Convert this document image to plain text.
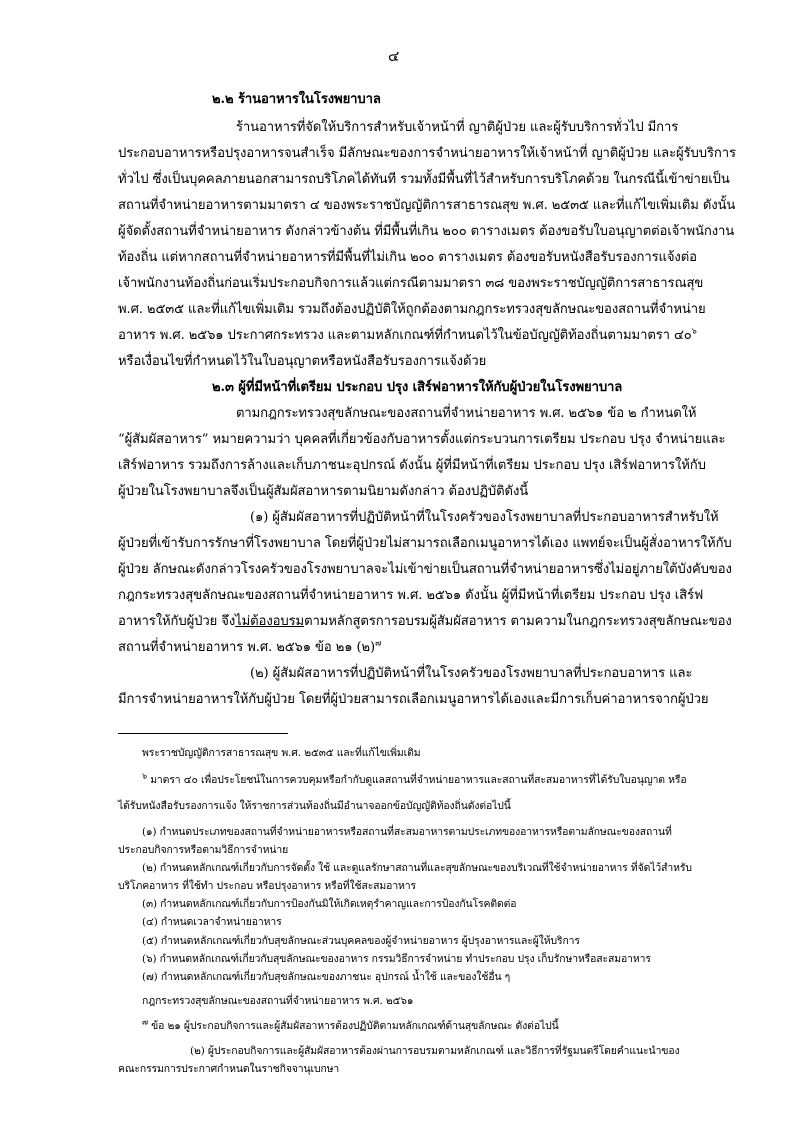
๔

๒.๒ ร้านอาหารในโรงพยาบาล

ร้านอาหารที่จัดให้บริการสำหรับเจ้าหน้าที่ ญาติผู้ป่วย และผู้รับบริการทั่วไป มีการ

ประกอบอาหารหรือปรุงอาหารจนสำเร็จ มีลักษณะของการจำหน่ายอาหารให้เจ้าหน้าที่ ญาติผู้ป่วย และผู้รับบริการ

ทั่วไป ซึ่งเป็นบุคคลภายนอกสามารถบริโภคได้ทันที รวมทั้งมีพื้นที่ไว้สำหรับการบริโภคด้วย ในกรณีนี้เข้าข่ายเป็น

สถานที่จำหน่ายอาหารตามมาตรา ๔ ของพระราชบัญญัติการสาธารณสุข พ.ศ. ๒๕๓๕ และที่แก้ไขเพิ่มเติม ดังนั้น

ผู้จัดตั้งสถานที่จำหน่ายอาหาร ดังกล่าวข้างต้น ที่มีพื้นที่เกิน ๒๐๐ ตารางเมตร ต้องขอรับใบอนุญาตต่อเจ้าพนักงาน

ท้องถิ่น แต่หากสถานที่จำหน่ายอาหารที่มีพื้นที่ไม่เกิน ๒๐๐ ตารางเมตร ต้องขอรับหนังสือรับรองการแจ้งต่อ

เจ้าพนักงานท้องถิ่นก่อนเริ่มประกอบกิจการแล้วแต่กรณีตามมาตรา ๓๘ ของพระราชบัญญัติการสาธารณสุข

พ.ศ. ๒๕๓๕ และที่แก้ไขเพิ่มเติม รวมถึงต้องปฏิบัติให้ถูกต้องตามกฎกระทรวงสุขลักษณะของสถานที่จำหน่าย

อาหาร พ.ศ. ๒๕๖๑ ประกาศกระทรวง และตามหลักเกณฑ์ที่กำหนดไว้ในข้อบัญญัติท้องถิ่นตามมาตรา ๔๐$^๖$

หรือเงื่อนไขที่กำหนดไว้ในใบอนุญาตหรือหนังสือรับรองการแจ้งด้วย

๒.๓ ผู้ที่มีหน้าที่เตรียม ประกอบ ปรุง เสิร์ฟอาหารให้กับผู้ป่วยในโรงพยาบาล

ตามกฎกระทรวงสุขลักษณะของสถานที่จำหน่ายอาหาร พ.ศ. ๒๕๖๑ ข้อ ๒ กำหนดให้

“ผู้สัมผัสอาหาร” หมายความว่า บุคคลที่เกี่ยวข้องกับอาหารตั้งแต่กระบวนการเตรียม ประกอบ ปรุง จำหน่ายและ

เสิร์ฟอาหาร รวมถึงการล้างและเก็บภาชนะอุปกรณ์ ดังนั้น ผู้ที่มีหน้าที่เตรียม ประกอบ ปรุง เสิร์ฟอาหารให้กับ

ผู้ป่วยในโรงพยาบาลจึงเป็นผู้สัมผัสอาหารตามนิยามดังกล่าว ต้องปฏิบัติดังนี้

(๑) ผู้สัมผัสอาหารที่ปฏิบัติหน้าที่ในโรงครัวของโรงพยาบาลที่ประกอบอาหารสำหรับให้

ผู้ป่วยที่เข้ารับการรักษาที่โรงพยาบาล โดยที่ผู้ป่วยไม่สามารถเลือกเมนูอาหารได้เอง แพทย์จะเป็นผู้สั่งอาหารให้กับ

ผู้ป่วย ลักษณะดังกล่าวโรงครัวของโรงพยาบาลจะไม่เข้าข่ายเป็นสถานที่จำหน่ายอาหารซึ่งไม่อยู่ภายใต้บังคับของ

กฎกระทรวงสุขลักษณะของสถานที่จำหน่ายอาหาร พ.ศ. ๒๕๖๑ ดังนั้น ผู้ที่มีหน้าที่เตรียม ประกอบ ปรุง เสิร์ฟ

อาหารให้กับผู้ป่วย จึงไม่ต้องอบรมตามหลักสูตรการอบรมผู้สัมผัสอาหาร ตามความในกฎกระทรวงสุขลักษณะของ

สถานที่จำหน่ายอาหาร พ.ศ. ๒๕๖๑ ข้อ ๒๑ (๒)$^๗$

(๒) ผู้สัมผัสอาหารที่ปฏิบัติหน้าที่ในโรงครัวของโรงพยาบาลที่ประกอบอาหาร และ

มีการจำหน่ายอาหารให้กับผู้ป่วย โดยที่ผู้ป่วยสามารถเลือกเมนูอาหารได้เองและมีการเก็บค่าอาหารจากผู้ป่วย

พระราชบัญญัติการสาธารณสุข พ.ศ. ๒๕๓๕ และที่แก้ไขเพิ่มเติม

$^๖$ มาตรา ๔๐ เพื่อประโยชน์ในการควบคุมหรือกำกับดูแลสถานที่จำหน่ายอาหารและสถานที่สะสมอาหารที่ได้รับใบอนุญาต หรือ

ได้รับหนังสือรับรองการแจ้ง ให้ราชการส่วนท้องถิ่นมีอำนาจออกข้อบัญญัติท้องถิ่นดังต่อไปนี้

(๑) กำหนดประเภทของสถานที่จำหน่ายอาหารหรือสถานที่สะสมอาหารตามประเภทของอาหารหรือตามลักษณะของสถานที่

ประกอบกิจการหรือตามวิธีการจำหน่าย

(๒) กำหนดหลักเกณฑ์เกี่ยวกับการจัดตั้ง ใช้ และดูแลรักษาสถานที่และสุขลักษณะของบริเวณที่ใช้จำหน่ายอาหาร ที่จัดไว้สำหรับ

บริโภคอาหาร ที่ใช้ทำ ประกอบ หรือปรุงอาหาร หรือที่ใช้สะสมอาหาร

(๓) กำหนดหลักเกณฑ์เกี่ยวกับการป้องกันมิให้เกิดเหตุรำคาญและการป้องกันโรคติดต่อ

(๔) กำหนดเวลาจำหน่ายอาหาร

(๕) กำหนดหลักเกณฑ์เกี่ยวกับสุขลักษณะส่วนบุคคลของผู้จำหน่ายอาหาร ผู้ปรุงอาหารและผู้ให้บริการ

(๖) กำหนดหลักเกณฑ์เกี่ยวกับสุขลักษณะของอาหาร กรรมวิธีการจำหน่าย ทำประกอบ ปรุง เก็บรักษาหรือสะสมอาหาร

(๗) กำหนดหลักเกณฑ์เกี่ยวกับสุขลักษณะของภาชนะ อุปกรณ์ น้ำใช้ และของใช้อื่น ๆ

กฎกระทรวงสุขลักษณะของสถานที่จำหน่ายอาหาร พ.ศ. ๒๕๖๑

$^๗$ ข้อ ๒๑ ผู้ประกอบกิจการและผู้สัมผัสอาหารต้องปฏิบัติตามหลักเกณฑ์ด้านสุขลักษณะ ดังต่อไปนี้

(๒) ผู้ประกอบกิจการและผู้สัมผัสอาหารต้องผ่านการอบรมตามหลักเกณฑ์ และวิธีการที่รัฐมนตรีโดยคำแนะนำของ

คณะกรรมการประกาศกำหนดในราชกิจจานุเบกษา
